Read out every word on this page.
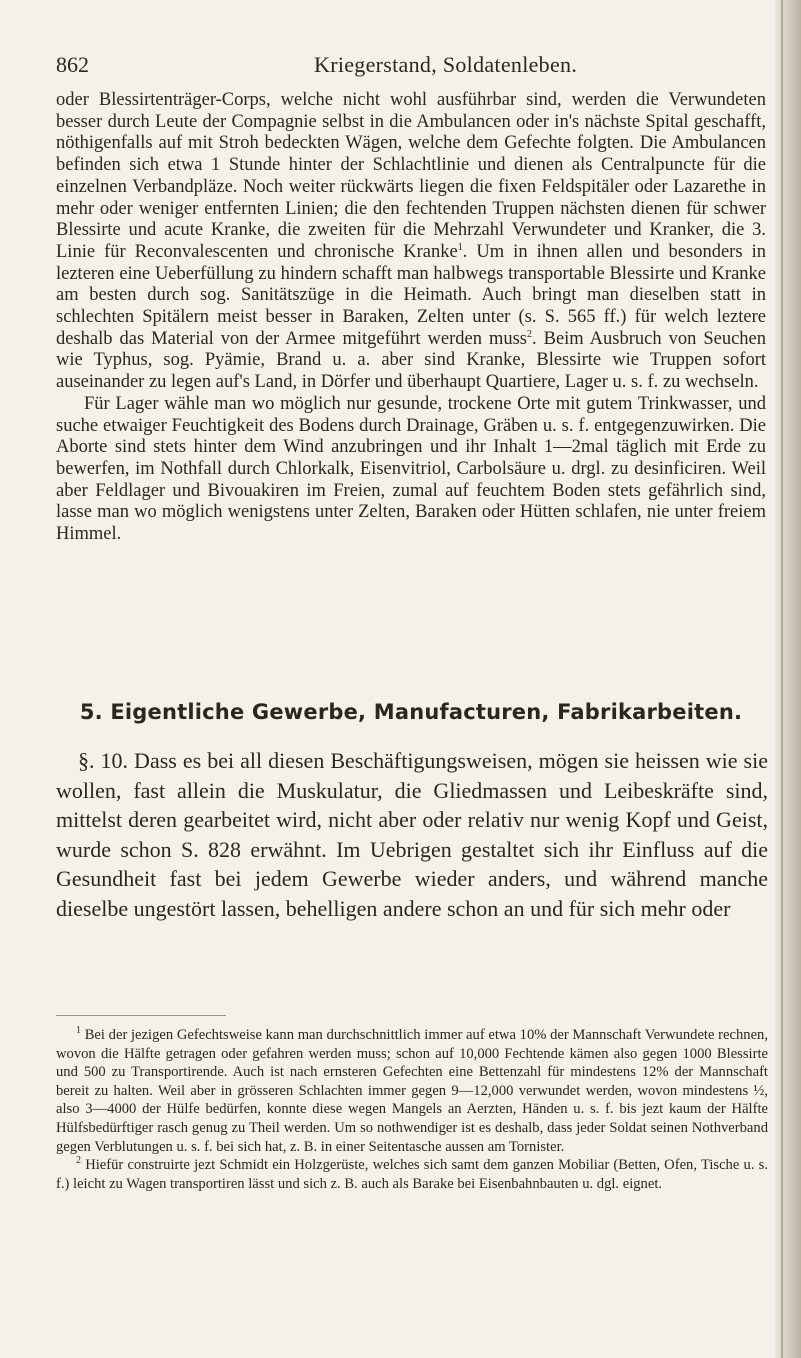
862	Kriegerstand, Soldatenleben.

oder Blessirtenträger-Corps, welche nicht wohl ausführbar sind, werden die Verwundeten besser durch Leute der Compagnie selbst in die Ambulancen oder in's nächste Spital geschafft, nöthigenfalls auf mit Stroh bedeckten Wägen, welche dem Gefechte folgten. Die Ambulancen befinden sich etwa 1 Stunde hinter der Schlachtlinie und dienen als Centralpuncte für die einzelnen Verbandpläze. Noch weiter rückwärts liegen die fixen Feldspitäler oder Lazarethe in mehr oder weniger entfernten Linien; die den fechtenden Truppen nächsten dienen für schwer Blessirte und acute Kranke, die zweiten für die Mehrzahl Verwundeter und Kranker, die 3. Linie für Reconvalescenten und chronische Kranke$^1$. Um in ihnen allen und besonders in lezteren eine Ueberfüllung zu hindern schafft man halbwegs transportable Blessirte und Kranke am besten durch sog. Sanitätszüge in die Heimath. Auch bringt man dieselben statt in schlechten Spitälern meist besser in Baraken, Zelten unter (s. S. 565 ff.) für welch leztere deshalb das Material von der Armee mitgeführt werden muss$^2$. Beim Ausbruch von Seuchen wie Typhus, sog. Pyämie, Brand u. a. aber sind Kranke, Blessirte wie Truppen sofort auseinander zu legen auf's Land, in Dörfer und überhaupt Quartiere, Lager u. s. f. zu wechseln.

Für Lager wähle man wo möglich nur gesunde, trockene Orte mit gutem Trinkwasser, und suche etwaiger Feuchtigkeit des Bodens durch Drainage, Gräben u. s. f. entgegenzuwirken. Die Aborte sind stets hinter dem Wind anzubringen und ihr Inhalt 1—2mal täglich mit Erde zu bewerfen, im Nothfall durch Chlorkalk, Eisenvitriol, Carbolsäure u. drgl. zu desinficiren. Weil aber Feldlager und Bivouakiren im Freien, zumal auf feuchtem Boden stets gefährlich sind, lasse man wo möglich wenigstens unter Zelten, Baraken oder Hütten schlafen, nie unter freiem Himmel.

5. Eigentliche Gewerbe, Manufacturen, Fabrikarbeiten.

§. 10. Dass es bei all diesen Beschäftigungsweisen, mögen sie heissen wie sie wollen, fast allein die Muskulatur, die Gliedmassen und Leibeskräfte sind, mittelst deren gearbeitet wird, nicht aber oder relativ nur wenig Kopf und Geist, wurde schon S. 828 erwähnt. Im Uebrigen gestaltet sich ihr Einfluss auf die Gesundheit fast bei jedem Gewerbe wieder anders, und während manche dieselbe ungestört lassen, behelligen andere schon an und für sich mehr oder

$^1$ Bei der jezigen Gefechtsweise kann man durchschnittlich immer auf etwa 10% der Mannschaft Verwundete rechnen, wovon die Hälfte getragen oder gefahren werden muss; schon auf 10,000 Fechtende kämen also gegen 1000 Blessirte und 500 zu Transportirende. Auch ist nach ernsteren Gefechten eine Bettenzahl für mindestens 12% der Mannschaft bereit zu halten. Weil aber in grösseren Schlachten immer gegen 9—12,000 verwundet werden, wovon mindestens ½, also 3—4000 der Hülfe bedürfen, konnte diese wegen Mangels an Aerzten, Händen u. s. f. bis jezt kaum der Hälfte Hülfsbedürftiger rasch genug zu Theil werden. Um so nothwendiger ist es deshalb, dass jeder Soldat seinen Nothverband gegen Verblutungen u. s. f. bei sich hat, z. B. in einer Seitentasche aussen am Tornister.

$^2$ Hiefür construirte jezt Schmidt ein Holzgerüste, welches sich samt dem ganzen Mobiliar (Betten, Ofen, Tische u. s. f.) leicht zu Wagen transportiren lässt und sich z. B. auch als Barake bei Eisenbahnbauten u. dgl. eignet.
